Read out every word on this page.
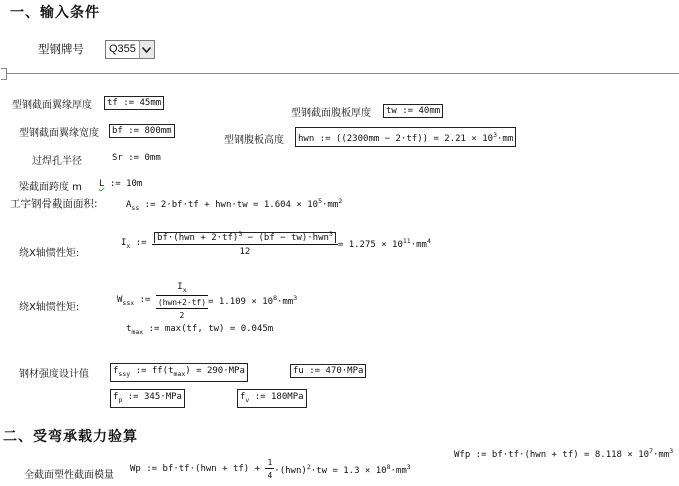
一、输入条件
型钢牌号 Q355
型钢截面翼缘厚度	tf := 45mm
型钢截面腹板厚度	tw := 40mm
型钢截面翼缘宽度	bf := 800mm
型钢腹板高度	hwn := $((2300mm - 2\cdot tf)) = 2.21 \times 10^3\cdot mm$
过焊孔半径	Sr := 0mm
梁截面跨度 m L := 10m
工字钢骨截面面积:	$A_{ss}$ := $2\cdot bf\cdot tf + hwn\cdot tw = 1.604 \times 10^5\cdot mm^2$
绕X轴惯性矩:
$I_x$ := $\frac{bf\cdot(hwn + 2\cdot tf)^3 - (bf - tw)\cdot hwn^3}{12} = 1.275 \times 10^{11}\cdot mm^4$
绕X轴惯性矩:
$W_{ssx}$ := $\frac{I_x}{\frac{\text{(hwn+2·tf)}}{2}} = 1.109 \times 10^8\cdot mm^3$
$t_{max}$ := max(tf, tw) = 0.045m
钢材强度设计值	$f_{ssy}$ := $ff(t_{max}) = 290\cdot MPa$	fu := 470·MPa
$f_p$ := 345·MPa	$f_v$ := 180MPa
二、受弯承载力验算
Wfp := $bf\cdot tf\cdot(hwn + tf) = 8.118 \times 10^7\cdot mm^3$
全截面塑性截面模量
Wp := $bf\cdot tf\cdot(hwn + tf) + \frac{1}{4} \cdot(hwn)^2\cdot tw = 1.3 \times 10^8\cdot mm^3$
